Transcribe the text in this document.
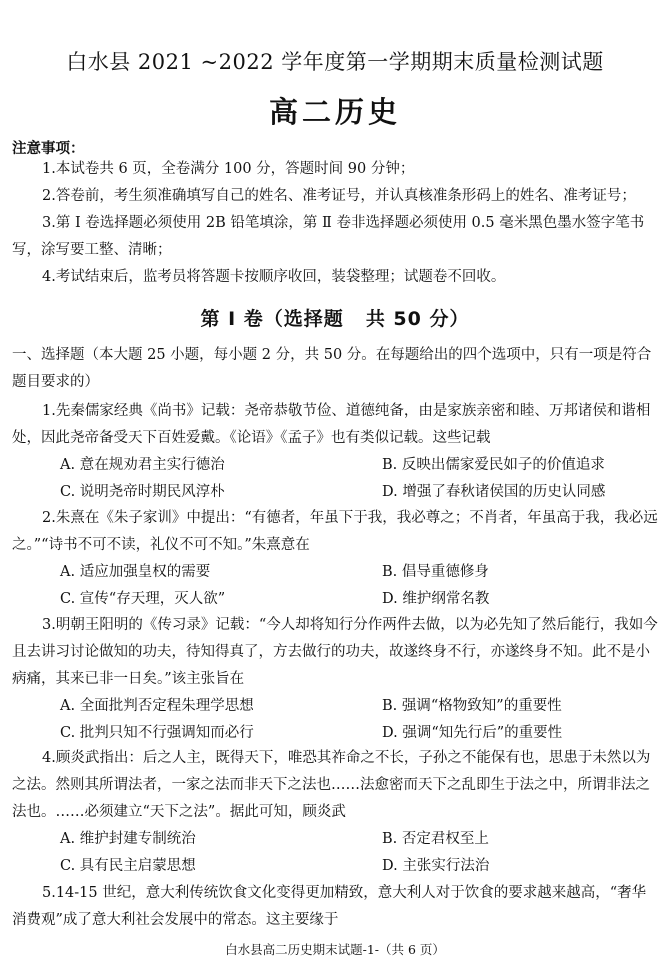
白水县 2021 ~2022 学年度第一学期期末质量检测试题
高二历史
注意事项：
1.本试卷共 6 页，全卷满分 100 分，答题时间 90 分钟；
2.答卷前，考生须准确填写自己的姓名、准考证号，并认真核准条形码上的姓名、准考证号；
3.第 Ⅰ 卷选择题必须使用 2B 铅笔填涂，第 Ⅱ 卷非选择题必须使用 0.5 毫米黑色墨水签字笔书写，涂写要工整、清晰；
4.考试结束后，监考员将答题卡按顺序收回，装袋整理；试题卷不回收。
第 Ⅰ 卷（选择题 共 50 分）
一、选择题（本大题 25 小题，每小题 2 分，共 50 分。在每题给出的四个选项中，只有一项是符合题目要求的）

1.先秦儒家经典《尚书》记载：尧帝恭敬节俭、道德纯备，由是家族亲密和睦、万邦诸侯和谐相处，因此尧帝备受天下百姓爱戴。《论语》《孟子》也有类似记载。这些记载

A. 意在规劝君主实行德治	B. 反映出儒家爱民如子的价值追求
C. 说明尧帝时期民风淳朴	D. 增强了春秋诸侯国的历史认同感

2.朱熹在《朱子家训》中提出：“有德者，年虽下于我，我必尊之；不肖者，年虽高于我，我必远之。”“诗书不可不读，礼仪不可不知。”朱熹意在

A. 适应加强皇权的需要	B. 倡导重德修身
C. 宣传“存天理，灭人欲”	D. 维护纲常名教

3.明朝王阳明的《传习录》记载：“今人却将知行分作两件去做，以为必先知了然后能行，我如今且去讲习讨论做知的功夫，待知得真了，方去做行的功夫，故遂终身不行，亦遂终身不知。此不是小病痛，其来已非一日矣。”该主张旨在

A. 全面批判否定程朱理学思想	B. 强调“格物致知”的重要性
C. 批判只知不行强调知而必行	D. 强调“知先行后”的重要性

4.顾炎武指出：后之人主，既得天下，唯恐其祚命之不长，子孙之不能保有也，思患于未然以为之法。然则其所谓法者，一家之法而非天下之法也……法愈密而天下之乱即生于法之中，所谓非法之法也。……必须建立“天下之法”。据此可知，顾炎武

A. 维护封建专制统治	B. 否定君权至上
C. 具有民主启蒙思想	D. 主张实行法治

5.14-15 世纪，意大利传统饮食文化变得更加精致，意大利人对于饮食的要求越来越高，“奢华消费观”成了意大利社会发展中的常态。这主要缘于

白水县高二历史期末试题-1-（共 6 页）
